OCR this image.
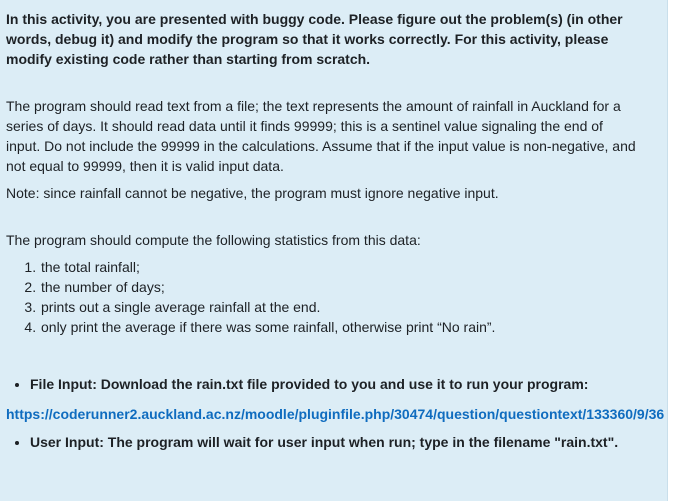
In this activity, you are presented with buggy code. Please figure out the problem(s) (in other words, debug it) and modify the program so that it works correctly. For this activity, please modify existing code rather than starting from scratch.

The program should read text from a file; the text represents the amount of rainfall in Auckland for a series of days. It should read data until it finds 99999; this is a sentinel value signaling the end of input. Do not include the 99999 in the calculations. Assume that if the input value is non-negative, and not equal to 99999, then it is valid input data.

Note: since rainfall cannot be negative, the program must ignore negative input.

The program should compute the following statistics from this data:

1. the total rainfall;
2. the number of days;
3. prints out a single average rainfall at the end.
4. only print the average if there was some rainfall, otherwise print “No rain”.
• File Input: Download the rain.txt file provided to you and use it to run your program:
https://coderunner2.auckland.ac.nz/moodle/pluginfile.php/30474/question/questiontext/133360/9/36
• User Input: The program will wait for user input when run; type in the filename "rain.txt".
